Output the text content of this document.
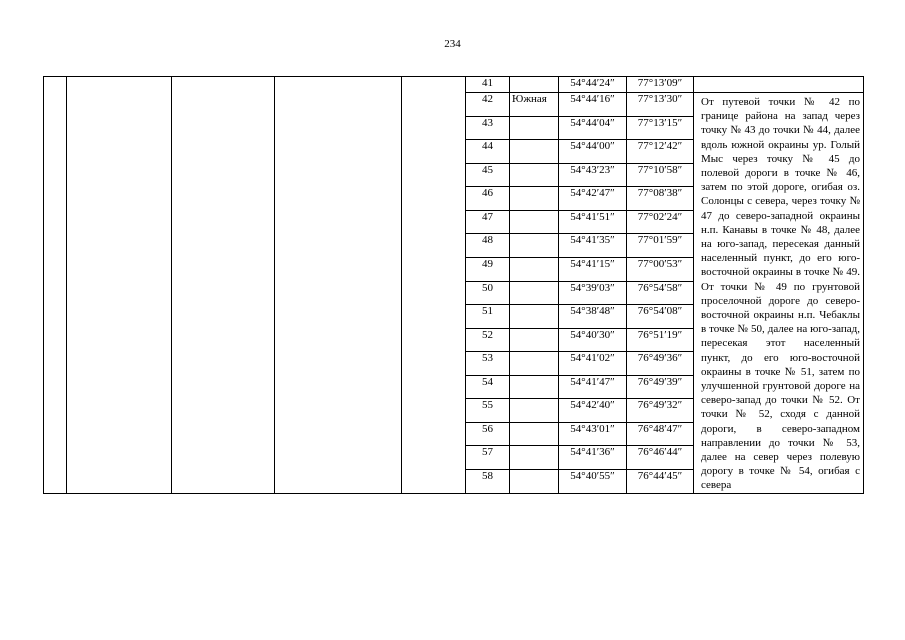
234
					41		54°44′24″	77°13′09″	
					42	Южная	54°44′16″	77°13′30″	От путевой точки № 42 по границе района на запад через точку № 43 до точки № 44, далее вдоль южной окраины ур. Голый Мыс через точку № 45 до полевой дороги в точке № 46, затем по этой дороге, огибая оз. Солонцы с севера, через точку № 47 до северо-западной окраины н.п. Канавы в точке № 48, далее на юго-запад, пересекая данный населенный пункт, до его юго-восточной окраины в точке № 49. От точки № 49 по грунтовой проселочной дороге до северо-восточной окраины н.п. Чебаклы в точке № 50, далее на юго-запад, пересекая этот населенный пункт, до его юго-восточной окраины в точке № 51, затем по улучшенной грунтовой дороге на северо-запад до точки № 52. От точки № 52, сходя с данной дороги, в северо-западном направлении до точки № 53, далее на север через полевую дорогу в точке № 54, огибая с севера
					43		54°44′04″	77°13′15″	
					44		54°44′00″	77°12′42″	
					45		54°43′23″	77°10′58″	
					46		54°42′47″	77°08′38″	
					47		54°41′51″	77°02′24″	
					48		54°41′35″	77°01′59″	
					49		54°41′15″	77°00′53″	
					50		54°39′03″	76°54′58″	
					51		54°38′48″	76°54′08″	
					52		54°40′30″	76°51′19″	
					53		54°41′02″	76°49′36″	
					54		54°41′47″	76°49′39″	
					55		54°42′40″	76°49′32″	
					56		54°43′01″	76°48′47″	
					57		54°41′36″	76°46′44″	
					58		54°40′55″	76°44′45″	
